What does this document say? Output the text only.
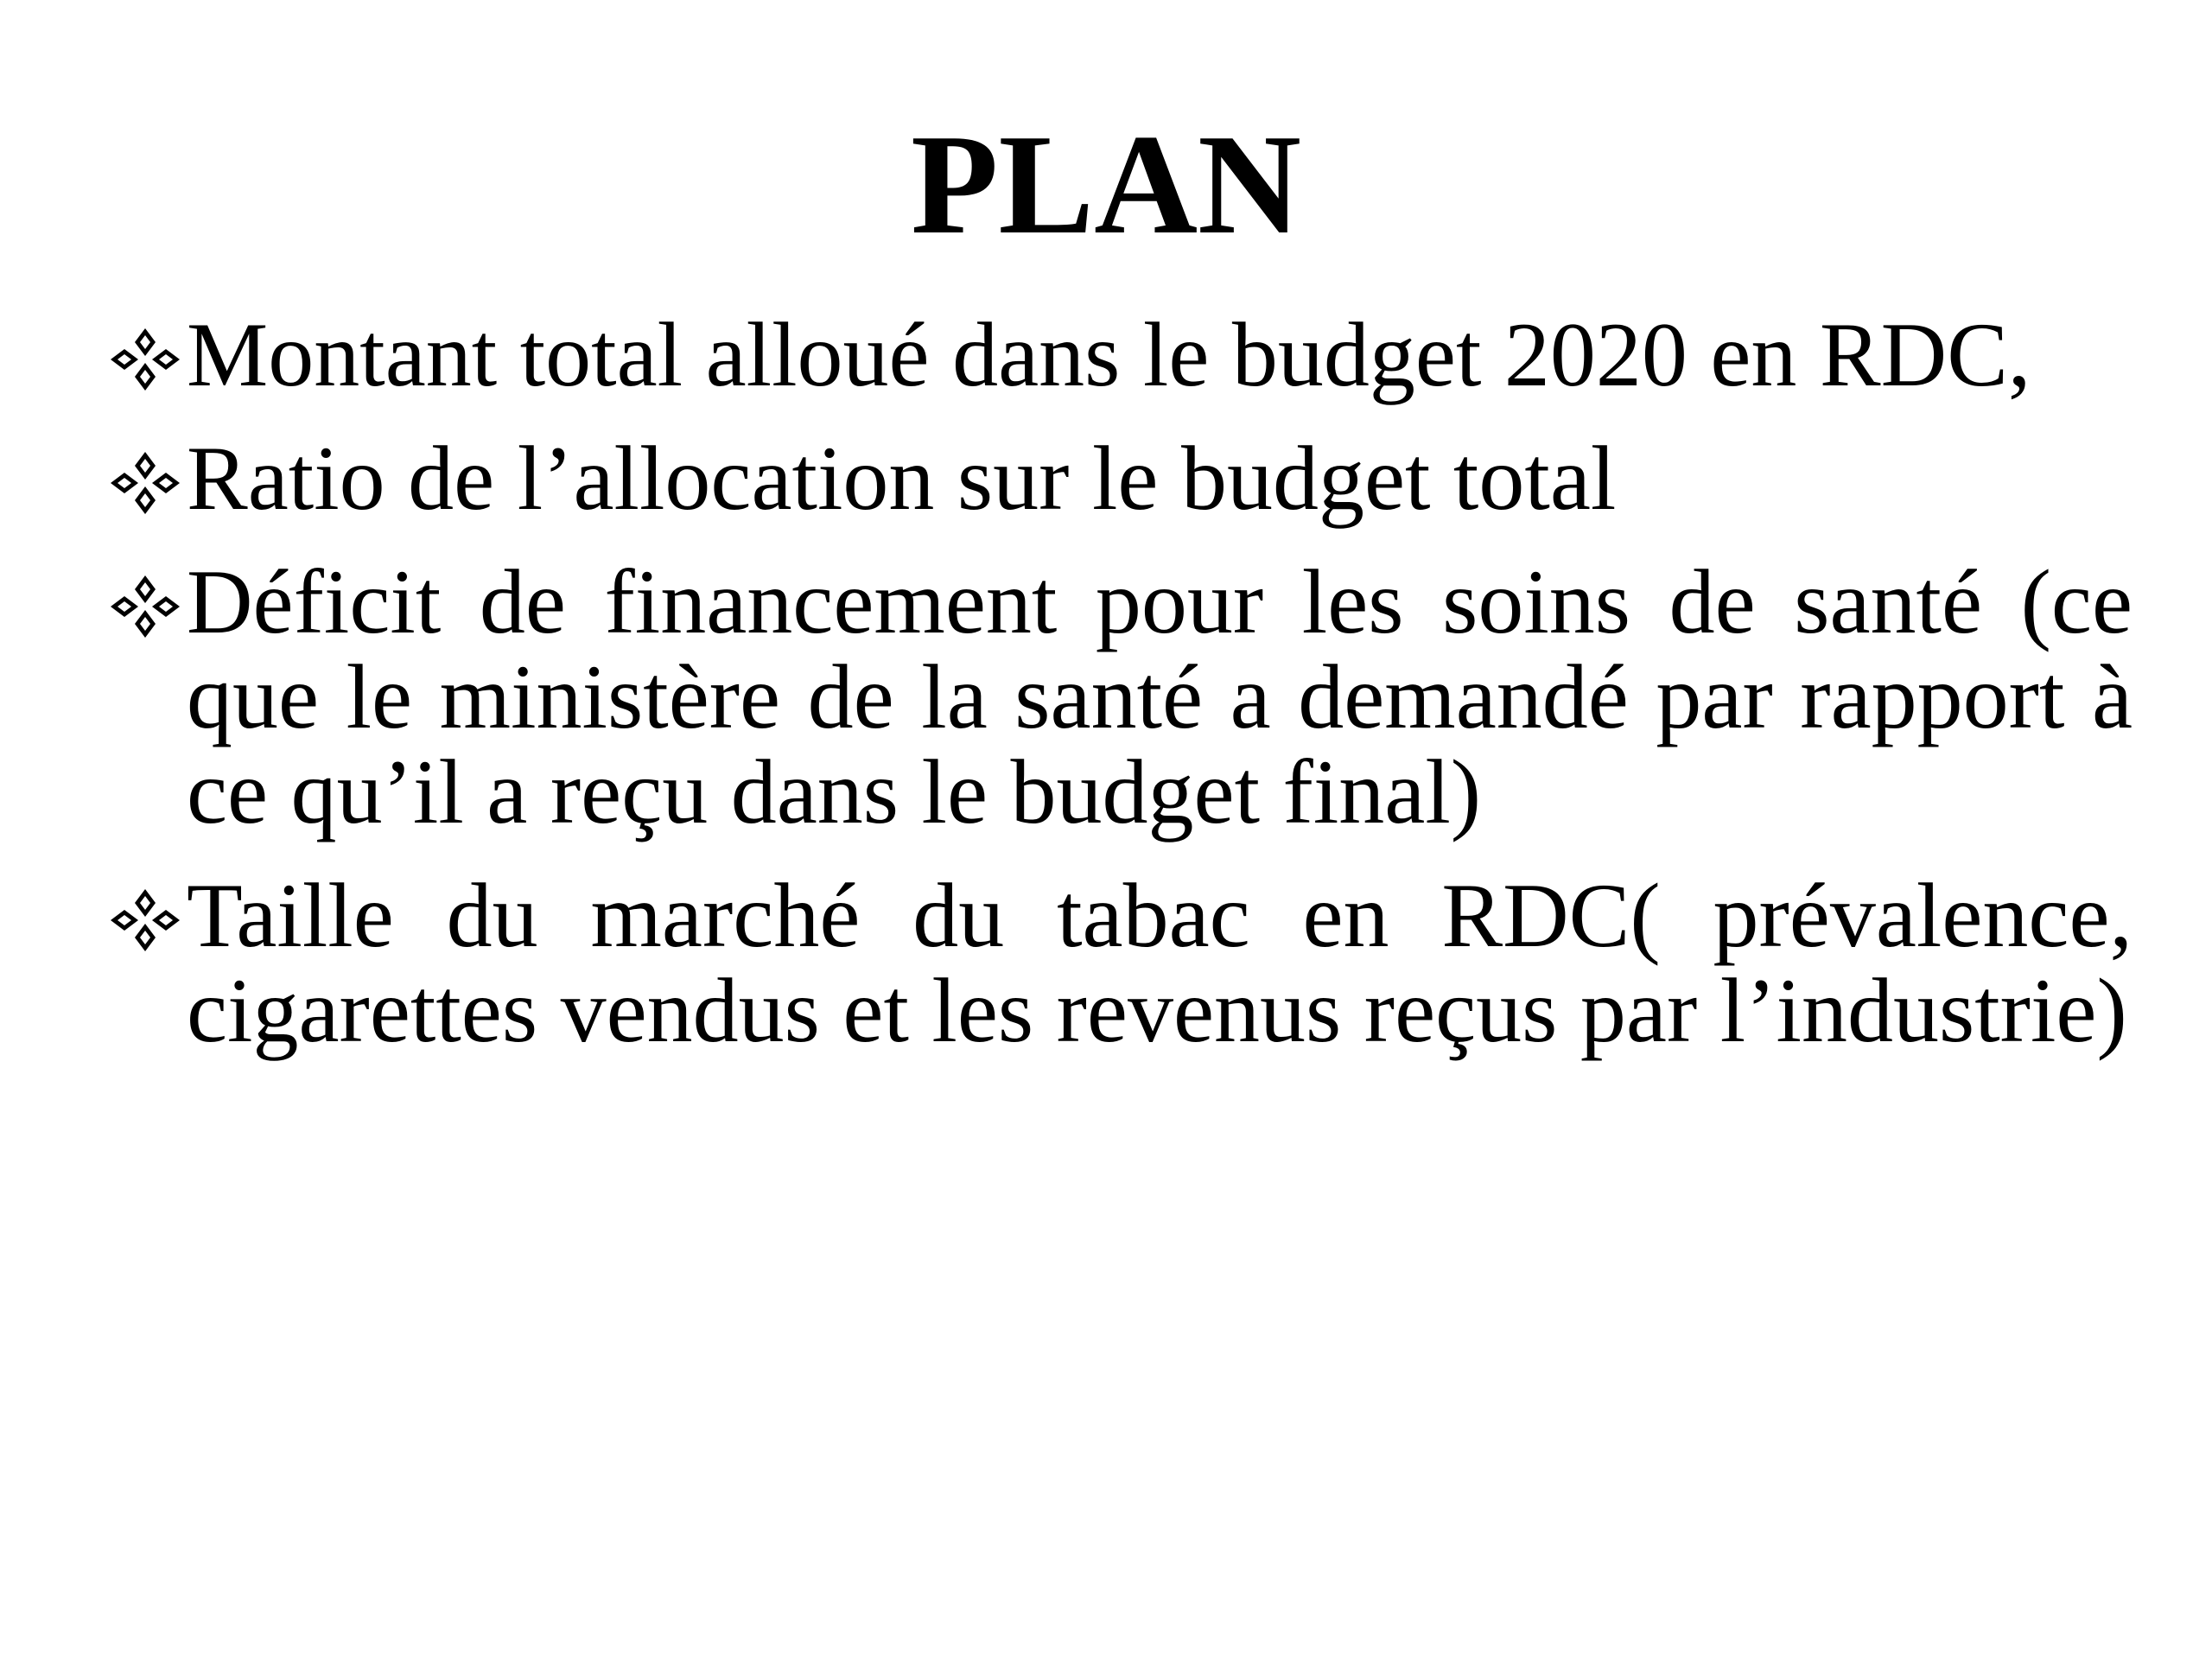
PLAN
Montant total alloué dans le budget 2020 en RDC,
Ratio de l’allocation sur le budget total
Déficit de financement pour les soins de santé (ce que le ministère de la santé a demandé par rapport à ce qu’il a reçu dans le budget final)
Taille du marché du tabac en RDC( prévalence, cigarettes vendus et les revenus reçus par l’industrie)
